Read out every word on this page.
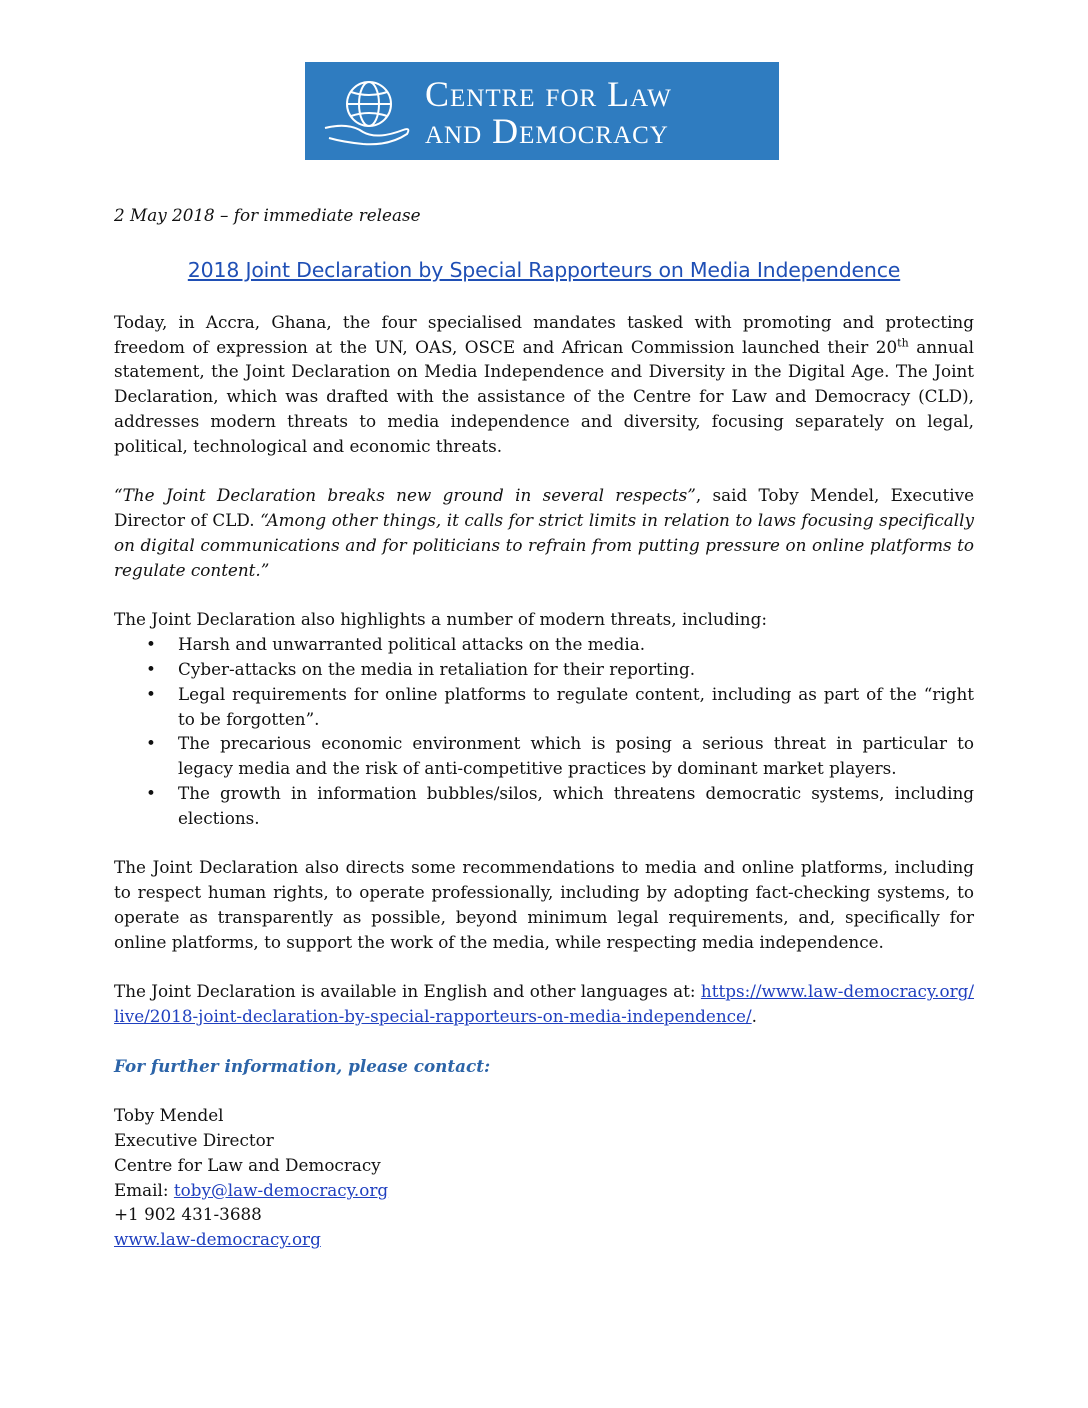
Centre for Law
and Democracy

2 May 2018 – for immediate release

2018 Joint Declaration by Special Rapporteurs on Media Independence

Today, in Accra, Ghana, the four specialised mandates tasked with promoting and protecting freedom of expression at the UN, OAS, OSCE and African Commission launched their 20th annual statement, the Joint Declaration on Media Independence and Diversity in the Digital Age. The Joint Declaration, which was drafted with the assistance of the Centre for Law and Democracy (CLD), addresses modern threats to media independence and diversity, focusing separately on legal, political, technological and economic threats.

“The Joint Declaration breaks new ground in several respects”, said Toby Mendel, Executive Director of CLD. “Among other things, it calls for strict limits in relation to laws focusing specifically on digital communications and for politicians to refrain from putting pressure on online platforms to regulate content.”

The Joint Declaration also highlights a number of modern threats, including:

• Harsh and unwarranted political attacks on the media.
• Cyber-attacks on the media in retaliation for their reporting.
• Legal requirements for online platforms to regulate content, including as part of the “right to be forgotten”.
• The precarious economic environment which is posing a serious threat in particular to legacy media and the risk of anti-competitive practices by dominant market players.
• The growth in information bubbles/silos, which threatens democratic systems, including elections.

The Joint Declaration also directs some recommendations to media and online platforms, including to respect human rights, to operate professionally, including by adopting fact-checking systems, to operate as transparently as possible, beyond minimum legal requirements, and, specifically for online platforms, to support the work of the media, while respecting media independence.

The Joint Declaration is available in English and other languages at: https://www.law-democracy.org/live/2018-joint-declaration-by-special-rapporteurs-on-media-independence/.

For further information, please contact:

Toby Mendel
Executive Director
Centre for Law and Democracy
Email: toby@law-democracy.org
+1 902 431-3688
www.law-democracy.org
